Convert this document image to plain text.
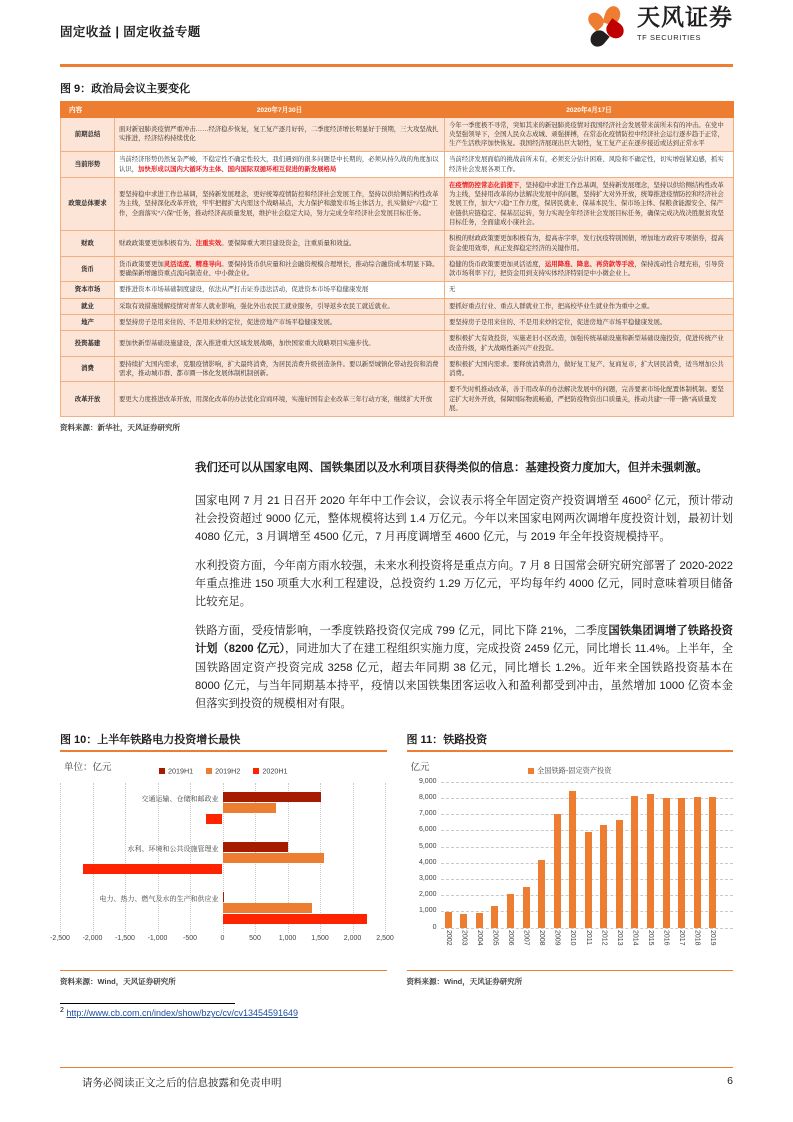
固定收益 | 固定收益专题
天风证券
TF SECURITIES
图 9：政治局会议主要变化
内容	2020年7月30日	2020年4月17日
前期总结	面对新冠肺炎疫情严重冲击……经济稳步恢复，复工复产逐月好转，二季度经济增长明显好于预期，三大攻坚战扎实推进，经济结构持续优化	今年一季度极不寻常，突如其来的新冠肺炎疫情对我国经济社会发展带来前所未有的冲击。在党中央坚强领导下，全国人民众志成城、顽强拼搏，在常态化疫情防控中经济社会运行逐步趋于正常，生产生活秩序加快恢复。我国经济展现出巨大韧性，复工复产正在逐步接近或达到正常水平
当前形势	当前经济形势仍然复杂严峻，不稳定性不确定性较大，我们遇到的很多问题是中长期的，必须从持久战的角度加以认识，加快形成以国内大循环为主体、国内国际双循环相互促进的新发展格局	当前经济发展面临的挑战前所未有，必须充分估计困难、风险和不确定性，切实增强紧迫感，抓实经济社会发展各项工作。
政策总体要求	要坚持稳中求进工作总基调，坚持新发展理念，更好统筹疫情防控和经济社会发展工作，坚持以供给侧结构性改革为主线，坚持深化改革开放，牢牢把握扩大内需这个战略基点，大力保护和激发市场主体活力，扎实做好“六稳”工作，全面落实“六保”任务，推动经济高质量发展，维护社会稳定大局，努力完成全年经济社会发展目标任务。	在疫情防控常态化前提下，坚持稳中求进工作总基调，坚持新发展理念，坚持以供给侧结构性改革为主线，坚持用改革的办法解决发展中的问题，坚持扩大对外开放，统筹推进疫情防控和经济社会发展工作，加大“六稳”工作力度，保居民就业、保基本民生、保市场主体、保粮食能源安全、保产业链供应链稳定、保基层运转，努力实现全年经济社会发展目标任务，确保完成决战决胜脱贫攻坚目标任务，全面建成小康社会。
财政	财政政策要更加积极有为、注重实效。要保障重大项目建设资金，注重质量和效益。	积极的财政政策要更加积极有为，提高赤字率，发行抗疫特别国债，增加地方政府专项债券，提高资金使用效率，真正发挥稳定经济的关键作用。
货币	货币政策要更加灵活适度、精准导向。要保持货币供应量和社会融资规模合理增长，推动综合融资成本明显下降。要确保新增融资重点流向制造业、中小微企业。	稳健的货币政策要更加灵活适度，运用降准、降息、再贷款等手段，保持流动性合理充裕，引导贷款市场利率下行，把资金用到支持实体经济特别是中小微企业上。
资本市场	要推进资本市场基础制度建设，依法从严打击证券违法活动，促进资本市场平稳健康发展	无
就业	采取有效措施缓解疫情对青年人就业影响，强化外出农民工就业服务，引导返乡农民工就近就业。	要抓好重点行业、重点人群就业工作，把高校毕业生就业作为重中之重。
地产	要坚持房子是用来住的、不是用来炒的定位，促进房地产市场平稳健康发展。	要坚持房子是用来住的、不是用来炒的定位，促进房地产市场平稳健康发展。
投资基建	要加快新型基础设施建设，深入推进重大区域发展战略，加快国家重大战略项目实施步伐。	要积极扩大有效投资，实施老旧小区改造，加强传统基础设施和新型基础设施投资，促进传统产业改造升级，扩大战略性新兴产业投资。
消费	要持续扩大国内需求，克服疫情影响，扩大最终消费，为居民消费升级创造条件。要以新型城镇化带动投资和消费需求，推动城市群、都市圈一体化发展体制机制创新。	要积极扩大国内需求。要释放消费潜力，做好复工复产、复商复市，扩大居民消费，适当增加公共消费。
改革开放	要更大力度推进改革开放，用深化改革的办法优化营商环境，实施好国有企业改革三年行动方案，继续扩大开放	要不失时机推动改革，善于用改革的办法解决发展中的问题，完善要素市场化配置体制机制。要坚定扩大对外开放，保障国际物流畅通，严把防疫物资出口质量关，推动共建“一带一路”高质量发展。
资料来源：新华社，天风证券研究所

我们还可以从国家电网、国铁集团以及水利项目获得类似的信息：基建投资力度加大，但并未强刺激。

国家电网 7 月 21 日召开 2020 年年中工作会议，会议表示将全年固定资产投资调增至 4600$^2$ 亿元，预计带动社会投资超过 9000 亿元，整体规模将达到 1.4 万亿元。今年以来国家电网两次调增年度投资计划，最初计划 4080 亿元，3 月调增至 4500 亿元，7 月再度调增至 4600 亿元，与 2019 年全年投资规模持平。

水利投资方面，今年南方雨水较强，未来水利投资将是重点方向。7 月 8 日国常会研究研究部署了 2020-2022 年重点推进 150 项重大水利工程建设，总投资约 1.29 万亿元，平均每年约 4000 亿元，同时意味着项目储备比较充足。

铁路方面，受疫情影响，一季度铁路投资仅完成 799 亿元，同比下降 21%，二季度国铁集团调增了铁路投资计划（8200 亿元），同进加大了在建工程组织实施力度，完成投资 2459 亿元，同比增长 11.4%。上半年，全国铁路固定资产投资完成 3258 亿元，超去年同期 38 亿元，同比增长 1.2%。近年来全国铁路投资基本在 8000 亿元，与当年同期基本持平，疫情以来国铁集团客运收入和盈利都受到冲击，虽然增加 1000 亿资本金但落实到投资的规模相对有限。

图 10：上半年铁路电力投资增长最快
单位：亿元	2019H1	2019H2	2020H1
交通运输、仓储和邮政业
水利、环境和公共设施管理业
电力、热力、燃气及水的生产和供应业
-2,500 -2,000 -1,500 -1,000 -500	0	500	1,000 1,500 2,000 2,500
资料来源：Wind，天风证券研究所
图 11：铁路投资
亿元	全国铁路-固定资产投资
0
1,000
2,000
3,000
4,000
5,000
6,000
7,000
8,000
9,000
2002 2003 2004 2005 2006 2007 2008 2009 2010 2011 2012 2013 2014 2015 2016 2017 2018 2019
资料来源：Wind，天风证券研究所
$^2$ http://www.cb.com.cn/index/show/bzyc/cv/cv13454591649
请务必阅读正文之后的信息披露和免责申明	6
